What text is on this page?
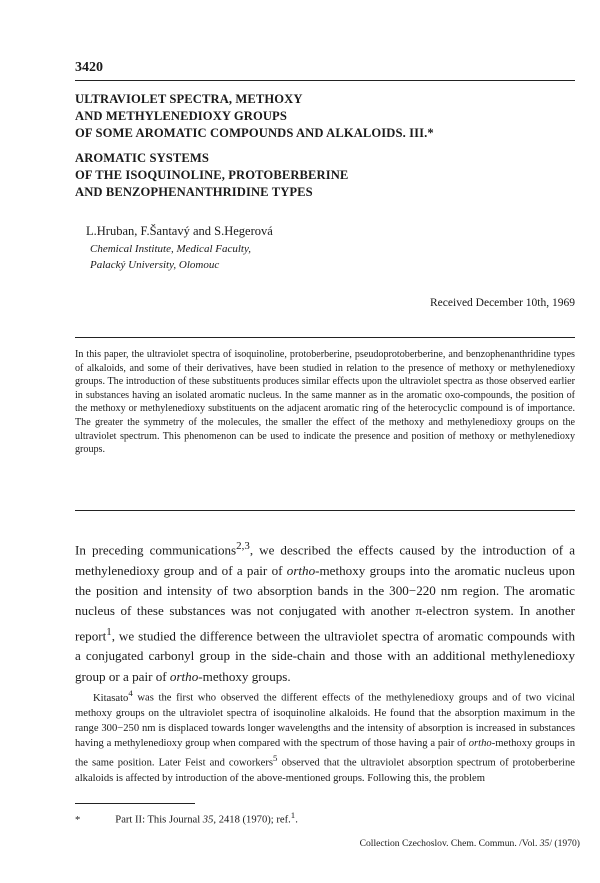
3420
ULTRAVIOLET SPECTRA, METHOXY
AND METHYLENEDIOXY GROUPS
OF SOME AROMATIC COMPOUNDS AND ALKALOIDS. III.*
AROMATIC SYSTEMS
OF THE ISOQUINOLINE, PROTOBERBERINE
AND BENZOPHENANTHRIDINE TYPES
L.Hruban, F.Šantavý and S.Hegerová
Chemical Institute, Medical Faculty,
Palacký University, Olomouc
Received December 10th, 1969
In this paper, the ultraviolet spectra of isoquinoline, protoberberine, pseudoprotoberberine, and benzophenanthridine types of alkaloids, and some of their derivatives, have been studied in relation to the presence of methoxy or methylenedioxy groups. The introduction of these substituents produces similar effects upon the ultraviolet spectra as those observed earlier in substances having an isolated aromatic nucleus. In the same manner as in the aromatic oxo-compounds, the position of the methoxy or methylenedioxy substituents on the adjacent aromatic ring of the heterocyclic compound is of importance. The greater the symmetry of the molecules, the smaller the effect of the methoxy and methylenedioxy groups on the ultraviolet spectrum. This phenomenon can be used to indicate the presence and position of methoxy or methylenedioxy groups.
In preceding communications$^{2,3}$, we described the effects caused by the introduction of a methylenedioxy group and of a pair of ortho-methoxy groups into the aromatic nucleus upon the position and intensity of two absorption bands in the 300−220 nm region. The aromatic nucleus of these substances was not conjugated with another π-electron system. In another report$^1$, we studied the difference between the ultraviolet spectra of aromatic compounds with a conjugated carbonyl group in the side-chain and those with an additional methylenedioxy group or a pair of ortho-methoxy groups.
Kitasato$^4$ was the first who observed the different effects of the methylenedioxy groups and of two vicinal methoxy groups on the ultraviolet spectra of isoquinoline alkaloids. He found that the absorption maximum in the range 300−250 nm is displaced towards longer wavelengths and the intensity of absorption is increased in substances having a methylenedioxy group when compared with the spectrum of those having a pair of ortho-methoxy groups in the same position. Later Feist and coworkers$^5$ observed that the ultraviolet absorption spectrum of protoberberine alkaloids is affected by introduction of the above-mentioned groups. Following this, the problem
*	Part II: This Journal 35, 2418 (1970); ref.$^1$.
Collection Czechoslov. Chem. Commun. /Vol. 35/ (1970)
